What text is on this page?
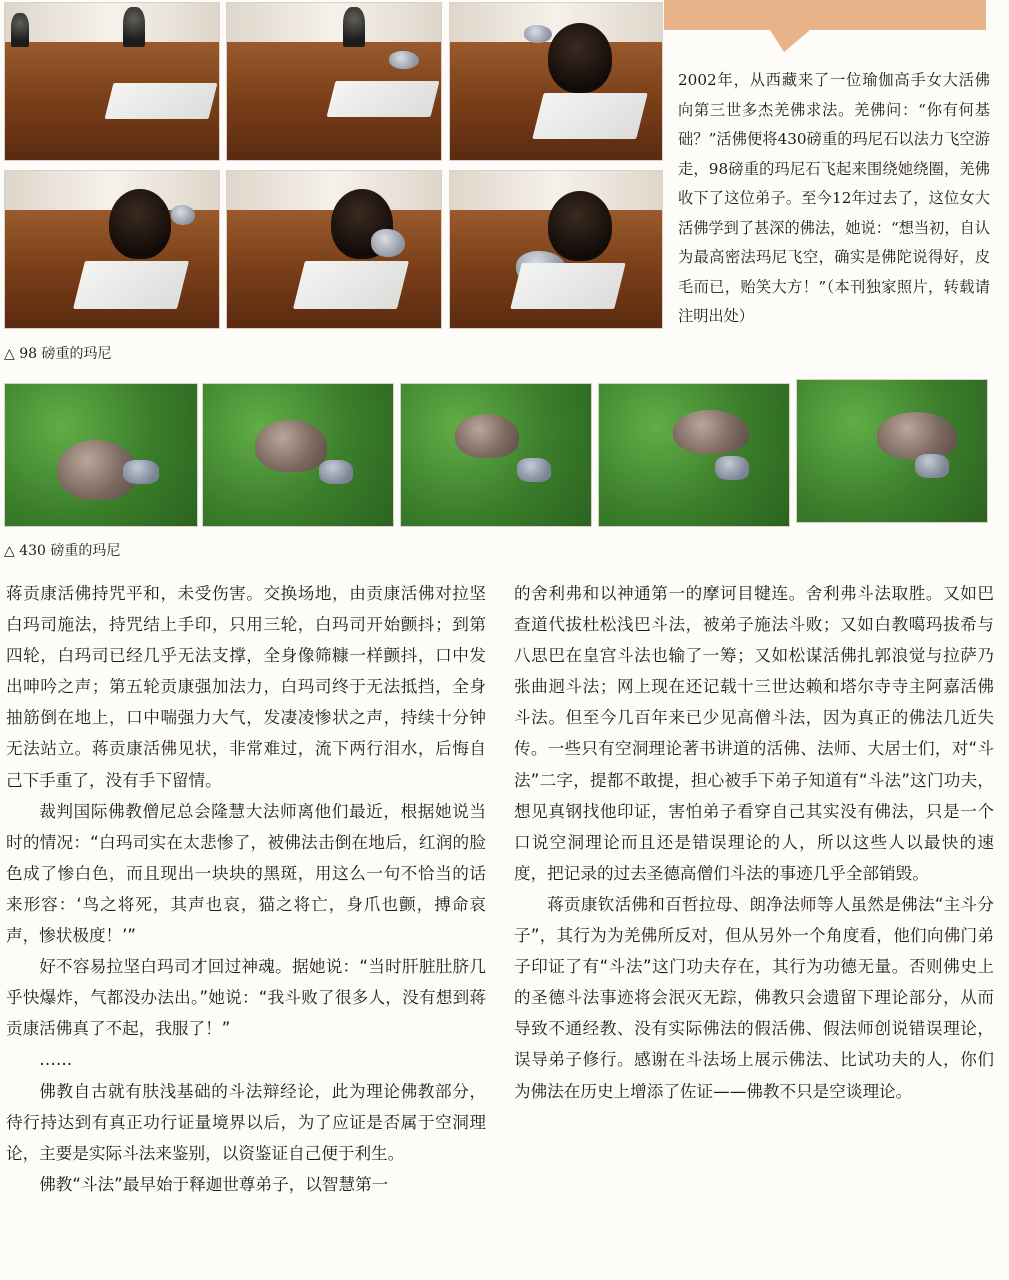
2002年，从西藏来了一位瑜伽高手女大活佛向第三世多杰羌佛求法。羌佛问：“你有何基础？”活佛便将430磅重的玛尼石以法力飞空游走，98磅重的玛尼石飞起来围绕她绕圈，羌佛收下了这位弟子。至今12年过去了，这位女大活佛学到了甚深的佛法，她说：“想当初，自认为最高密法玛尼飞空，确实是佛陀说得好，皮毛而已，贻笑大方！”（本刊独家照片，转载请注明出处）

△ 98 磅重的玛尼
△ 430 磅重的玛尼

蒋贡康活佛持咒平和，未受伤害。交换场地，由贡康活佛对拉坚白玛司施法，持咒结上手印，只用三轮，白玛司开始颤抖；到第四轮，白玛司已经几乎无法支撑，全身像筛糠一样颤抖，口中发出呻吟之声；第五轮贡康强加法力，白玛司终于无法抵挡，全身抽筋倒在地上，口中喘强力大气，发凄凌惨状之声，持续十分钟无法站立。蒋贡康活佛见状，非常难过，流下两行泪水，后悔自己下手重了，没有手下留情。

裁判国际佛教僧尼总会隆慧大法师离他们最近，根据她说当时的情况：“白玛司实在太悲惨了，被佛法击倒在地后，红润的脸色成了惨白色，而且现出一块块的黑斑，用这么一句不恰当的话来形容：‘鸟之将死，其声也哀，猫之将亡，身爪也颤，搏命哀声，惨状极度！’”

好不容易拉坚白玛司才回过神魂。据她说：“当时肝脏肚脐几乎快爆炸，气都没办法出。”她说：“我斗败了很多人，没有想到蒋贡康活佛真了不起，我服了！”

……

佛教自古就有肤浅基础的斗法辩经论，此为理论佛教部分，待行持达到有真正功行证量境界以后，为了应证是否属于空洞理论，主要是实际斗法来鉴别，以资鉴证自己便于利生。

佛教“斗法”最早始于释迦世尊弟子，以智慧第一

的舍利弗和以神通第一的摩诃目犍连。舍利弗斗法取胜。又如巴查道代拔杜松浅巴斗法，被弟子施法斗败；又如白教噶玛拔希与八思巴在皇宫斗法也输了一筹；又如松谋活佛扎郭浪觉与拉萨乃张曲迥斗法；网上现在还记载十三世达赖和塔尔寺寺主阿嘉活佛斗法。但至今几百年来已少见高僧斗法，因为真正的佛法几近失传。一些只有空洞理论著书讲道的活佛、法师、大居士们，对“斗法”二字，提都不敢提，担心被手下弟子知道有“斗法”这门功夫，想见真钢找他印证，害怕弟子看穿自己其实没有佛法，只是一个口说空洞理论而且还是错误理论的人，所以这些人以最快的速度，把记录的过去圣德高僧们斗法的事迹几乎全部销毁。

蒋贡康钦活佛和百哲拉母、朗净法师等人虽然是佛法“主斗分子”，其行为为羌佛所反对，但从另外一个角度看，他们向佛门弟子印证了有“斗法”这门功夫存在，其行为功德无量。否则佛史上的圣德斗法事迹将会泯灭无踪，佛教只会遗留下理论部分，从而导致不通经教、没有实际佛法的假活佛、假法师创说错误理论，误导弟子修行。感谢在斗法场上展示佛法、比试功夫的人，你们为佛法在历史上增添了佐证——佛教不只是空谈理论。
